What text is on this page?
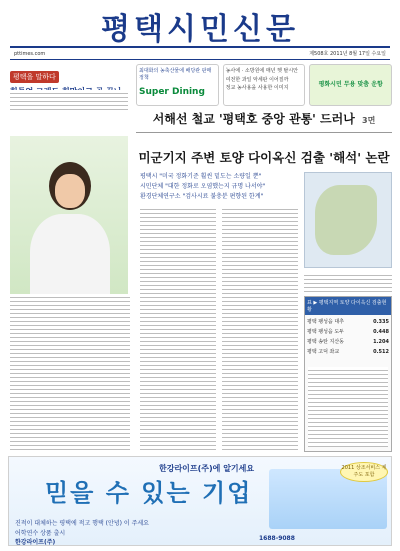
평택시민신문
pttimes.com	제508호 2011년 8월 17일 수요일
평택을 말하다

최대화의 농축산물에 배당관 판매정책
Super Dining
농사에 · 소방원에 매년 헷 탈시안
여전한 과일 악세판 이어질까
정교 농사용을 사용한 이미지	평화시민 무용 맞춤 운항
서해선 철교 '평택호 중앙 관통' 드러나 3면
미군기지 주변 토양 다이옥신 검출 '해석' 논란
평택시 "미국 정화기준 훨씬 밑도는 소량일 뿐"
시민단체 "대한 정화로 오염했는지 규명 나서야"
환경단체연구소 "검사시료 불충분 편향된 한계"
표 ▶ 평택지역 토양 다이옥신 검출현황
평택 팽성읍 대추	0.335
평택 팽성읍 도두	0.448
평택 송탄 지산동	1.204
평택 고덕 좌교	0.512
믿을 수 있는 기업
한강라이프(주)에 알기세요
진적이 대체하는 평택에 적고 행택 (안녕) 이 주세요 어학연수 상품 출시
한강라이프(주)
1688-9088
2011 상조서비스 제주도 포함
